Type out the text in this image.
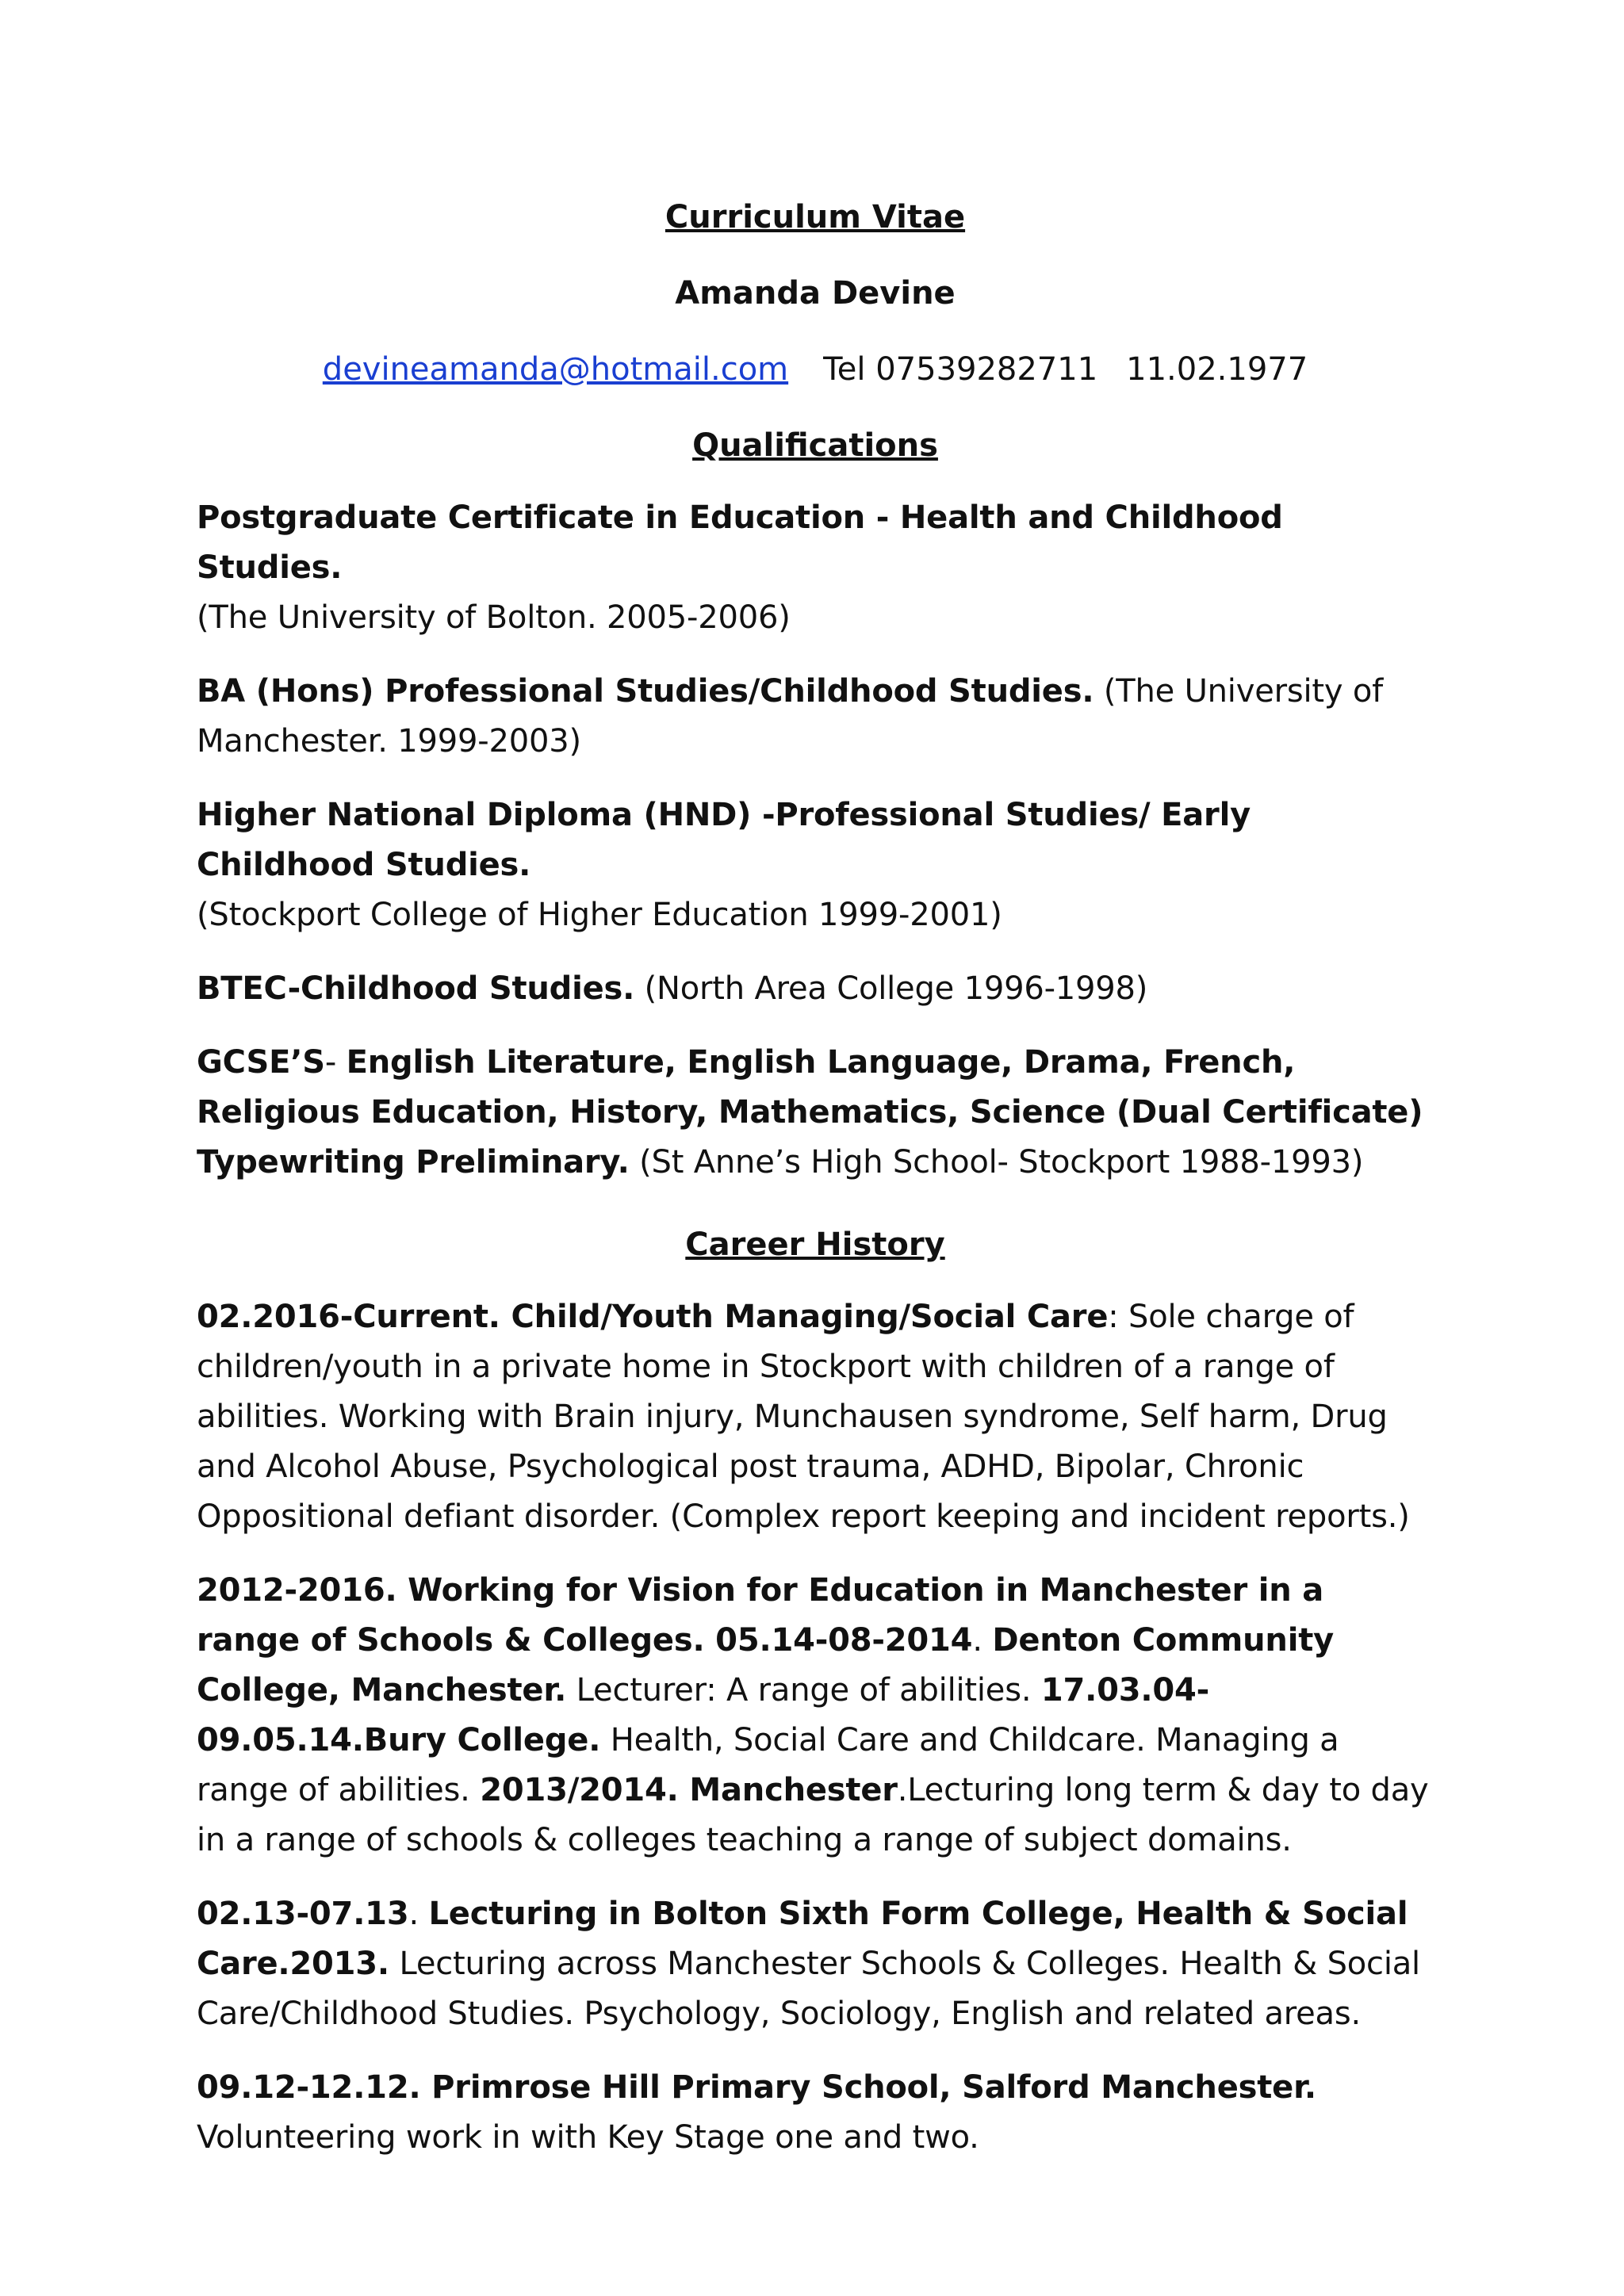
Curriculum Vitae

Amanda Devine

devineamanda@hotmail.com Tel 07539282711 11.02.1977

Qualifications

Postgraduate Certificate in Education - Health and Childhood Studies.
(The University of Bolton. 2005-2006)

BA (Hons) Professional Studies/Childhood Studies. (The University of Manchester. 1999-2003)

Higher National Diploma (HND) -Professional Studies/ Early Childhood Studies.
(Stockport College of Higher Education 1999-2001)

BTEC-Childhood Studies. (North Area College 1996-1998)

GCSE’S- English Literature, English Language, Drama, French, Religious Education, History, Mathematics, Science (Dual Certificate) Typewriting Preliminary. (St Anne’s High School- Stockport 1988-1993)

Career History

02.2016-Current. Child/Youth Managing/Social Care: Sole charge of children/youth in a private home in Stockport with children of a range of abilities. Working with Brain injury, Munchausen syndrome, Self harm, Drug and Alcohol Abuse, Psychological post trauma, ADHD, Bipolar, Chronic Oppositional defiant disorder. (Complex report keeping and incident reports.)

2012-2016. Working for Vision for Education in Manchester in a range of Schools & Colleges. 05.14-08-2014. Denton Community College, Manchester. Lecturer: A range of abilities. 17.03.04-09.05.14.Bury College. Health, Social Care and Childcare. Managing a range of abilities. 2013/2014. Manchester.Lecturing long term & day to day in a range of schools & colleges teaching a range of subject domains.

02.13-07.13. Lecturing in Bolton Sixth Form College, Health & Social Care.2013. Lecturing across Manchester Schools & Colleges. Health & Social Care/Childhood Studies. Psychology, Sociology, English and related areas.

09.12-12.12. Primrose Hill Primary School, Salford Manchester. Volunteering work in with Key Stage one and two.
